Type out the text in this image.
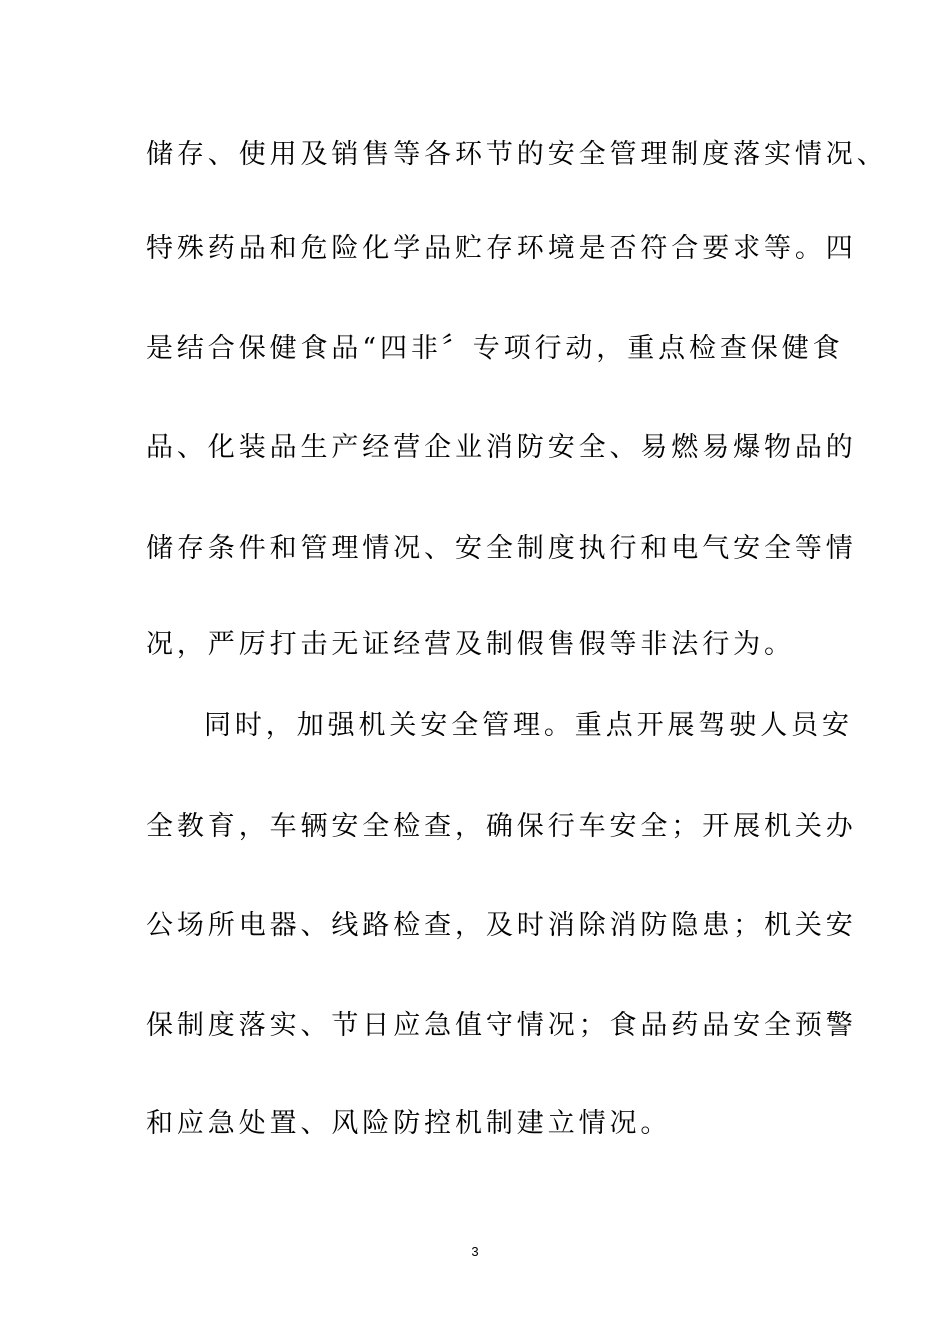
储存、使用及销售等各环节的安全管理制度落实情况、
特殊药品和危险化学品贮存环境是否符合要求等。四
是结合保健食品“四非〞专项行动，重点检查保健食
品、化装品生产经营企业消防安全、易燃易爆物品的
储存条件和管理情况、安全制度执行和电气安全等情
况，严厉打击无证经营及制假售假等非法行为。
同时，加强机关安全管理。重点开展驾驶人员安
全教育，车辆安全检查，确保行车安全；开展机关办
公场所电器、线路检查，及时消除消防隐患；机关安
保制度落实、节日应急值守情况；食品药品安全预警
和应急处置、风险防控机制建立情况。
3
